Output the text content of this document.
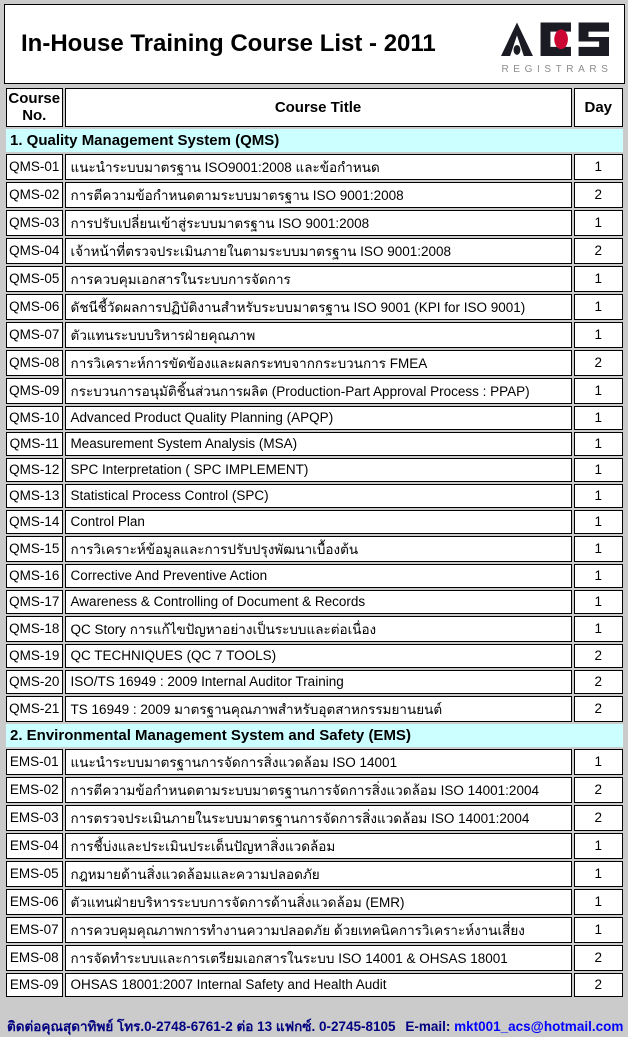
In-House Training Course List - 2011
REGISTRARS
Course No.	Course Title	Day
1. Quality Management System (QMS)		
QMS-01	แนะนำระบบมาตรฐาน ISO9001:2008 และข้อกำหนด	1
QMS-02	การตีความข้อกำหนดตามระบบมาตรฐาน ISO 9001:2008	2
QMS-03	การปรับเปลี่ยนเข้าสู่ระบบมาตรฐาน ISO 9001:2008	1
QMS-04	เจ้าหน้าที่ตรวจประเมินภายในตามระบบมาตรฐาน ISO 9001:2008	2
QMS-05	การควบคุมเอกสารในระบบการจัดการ	1
QMS-06	ดัชนีชี้วัดผลการปฏิบัติงานสำหรับระบบมาตรฐาน ISO 9001 (KPI for ISO 9001)	1
QMS-07	ตัวแทนระบบบริหารฝ่ายคุณภาพ	1
QMS-08	การวิเคราะห์การขัดข้องและผลกระทบจากกระบวนการ FMEA	2
QMS-09	กระบวนการอนุมัติชิ้นส่วนการผลิต (Production-Part Approval Process : PPAP)	1
QMS-10	Advanced Product Quality Planning (APQP)	1
QMS-11	Measurement System Analysis (MSA)	1
QMS-12	SPC Interpretation ( SPC IMPLEMENT)	1
QMS-13	Statistical Process Control (SPC)	1
QMS-14	Control Plan	1
QMS-15	การวิเคราะห์ข้อมูลและการปรับปรุงพัฒนาเบื้องต้น	1
QMS-16	Corrective And Preventive Action	1
QMS-17	Awareness & Controlling of Document & Records	1
QMS-18	QC Story การแก้ไขปัญหาอย่างเป็นระบบและต่อเนื่อง	1
QMS-19	QC TECHNIQUES (QC 7 TOOLS)	2
QMS-20	ISO/TS 16949 : 2009 Internal Auditor Training	2
QMS-21	TS 16949 : 2009 มาตรฐานคุณภาพสำหรับอุตสาหกรรมยานยนต์	2
2. Environmental Management System and Safety (EMS)		
EMS-01	แนะนำระบบมาตรฐานการจัดการสิ่งแวดล้อม ISO 14001	1
EMS-02	การตีความข้อกำหนดตามระบบมาตรฐานการจัดการสิ่งแวดล้อม ISO 14001:2004	2
EMS-03	การตรวจประเมินภายในระบบมาตรฐานการจัดการสิ่งแวดล้อม ISO 14001:2004	2
EMS-04	การชี้บ่งและประเมินประเด็นปัญหาสิ่งแวดล้อม	1
EMS-05	กฎหมายด้านสิ่งแวดล้อมและความปลอดภัย	1
EMS-06	ตัวแทนฝ่ายบริหารระบบการจัดการด้านสิ่งแวดล้อม (EMR)	1
EMS-07	การควบคุมคุณภาพการทำงานความปลอดภัย ด้วยเทคนิคการวิเคราะห์งานเสี่ยง	1
EMS-08	การจัดทำระบบและการเตรียมเอกสารในระบบ ISO 14001 & OHSAS 18001	2
EMS-09	OHSAS 18001:2007 Internal Safety and Health Audit	2
ติดต่อคุณสุดาทิพย์ โทร.0-2748-6761-2 ต่อ 13 แฟกซ์. 0-2745-8105 E-mail: mkt001_acs@hotmail.com
